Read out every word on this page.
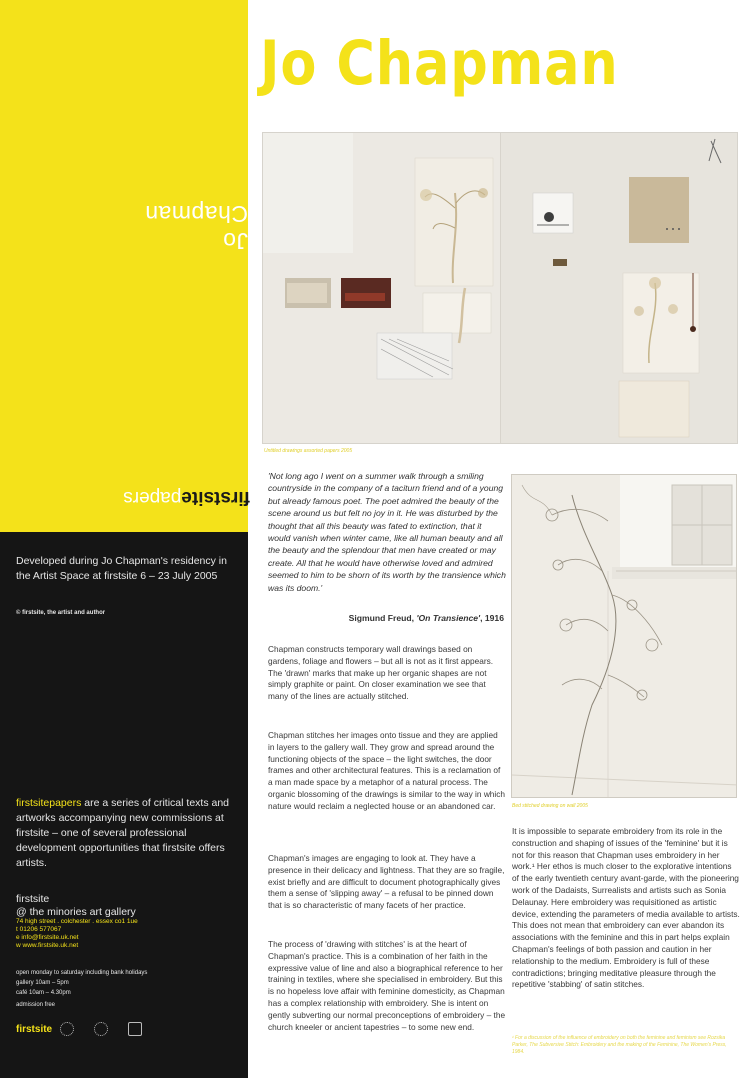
Jo Chapman
firstsitepapers
Developed during Jo Chapman's residency in the Artist Space at firstsite 6 – 23 July 2005
© firstsite, the artist and author
firstsitepapers are a series of critical texts and artworks accompanying new commissions at firstsite – one of several professional development opportunities that firstsite offers artists.
firstsite
@ the minories art gallery
74 high street . colchester . essex co1 1ue
t 01206 577067
e info@firstsite.uk.net
w www.firstsite.uk.net
open monday to saturday including bank holidays
gallery 10am – 5pm
café 10am – 4.30pm
admission free
firstsite
Jo Chapman
Untitled drawings assorted papers 2005
'Not long ago I went on a summer walk through a smiling countryside in the company of a taciturn friend and of a young but already famous poet. The poet admired the beauty of the scene around us but felt no joy in it. He was disturbed by the thought that all this beauty was fated to extinction, that it would vanish when winter came, like all human beauty and all the beauty and the splendour that men have created or may create. All that he would have otherwise loved and admired seemed to him to be shorn of its worth by the transience which was its doom.'
Sigmund Freud, 'On Transience', 1916
Chapman constructs temporary wall drawings based on gardens, foliage and flowers – but all is not as it first appears. The 'drawn' marks that make up her organic shapes are not simply graphite or paint. On closer examination we see that many of the lines are actually stitched.
Chapman stitches her images onto tissue and they are applied in layers to the gallery wall. They grow and spread around the functioning objects of the space – the light switches, the door frames and other architectural features. This is a reclamation of a man made space by a metaphor of a natural process. The organic blossoming of the drawings is similar to the way in which nature would reclaim a neglected house or an abandoned car.
Chapman's images are engaging to look at. They have a presence in their delicacy and lightness. That they are so fragile, exist briefly and are difficult to document photographically gives them a sense of 'slipping away' – a refusal to be pinned down that is so characteristic of many facets of her practice.
The process of 'drawing with stitches' is at the heart of Chapman's practice. This is a combination of her faith in the expressive value of line and also a biographical reference to her training in textiles, where she specialised in embroidery. But this is no hopeless love affair with feminine domesticity, as Chapman has a complex relationship with embroidery. She is intent on gently subverting our normal preconceptions of embroidery – the church kneeler or ancient tapestries – to some new end.
Bed stitched drawing on wall 2005
It is impossible to separate embroidery from its role in the construction and shaping of issues of the 'feminine' but it is not for this reason that Chapman uses embroidery in her work.¹ Her ethos is much closer to the explorative intentions of the early twentieth century avant-garde, with the pioneering work of the Dadaists, Surrealists and artists such as Sonia Delaunay. Here embroidery was requisitioned as artistic device, extending the parameters of media available to artists. This does not mean that embroidery can ever abandon its associations with the feminine and this in part helps explain Chapman's feelings of both passion and caution in her relationship to the medium. Embroidery is full of these contradictions; bringing meditative pleasure through the repetitive 'stabbing' of satin stitches.
¹ For a discussion of the influence of embroidery on both the feminine and feminism see Rozsika Parker, The Subversive Stitch: Embroidery and the making of the Feminine, The Women's Press, 1984.
